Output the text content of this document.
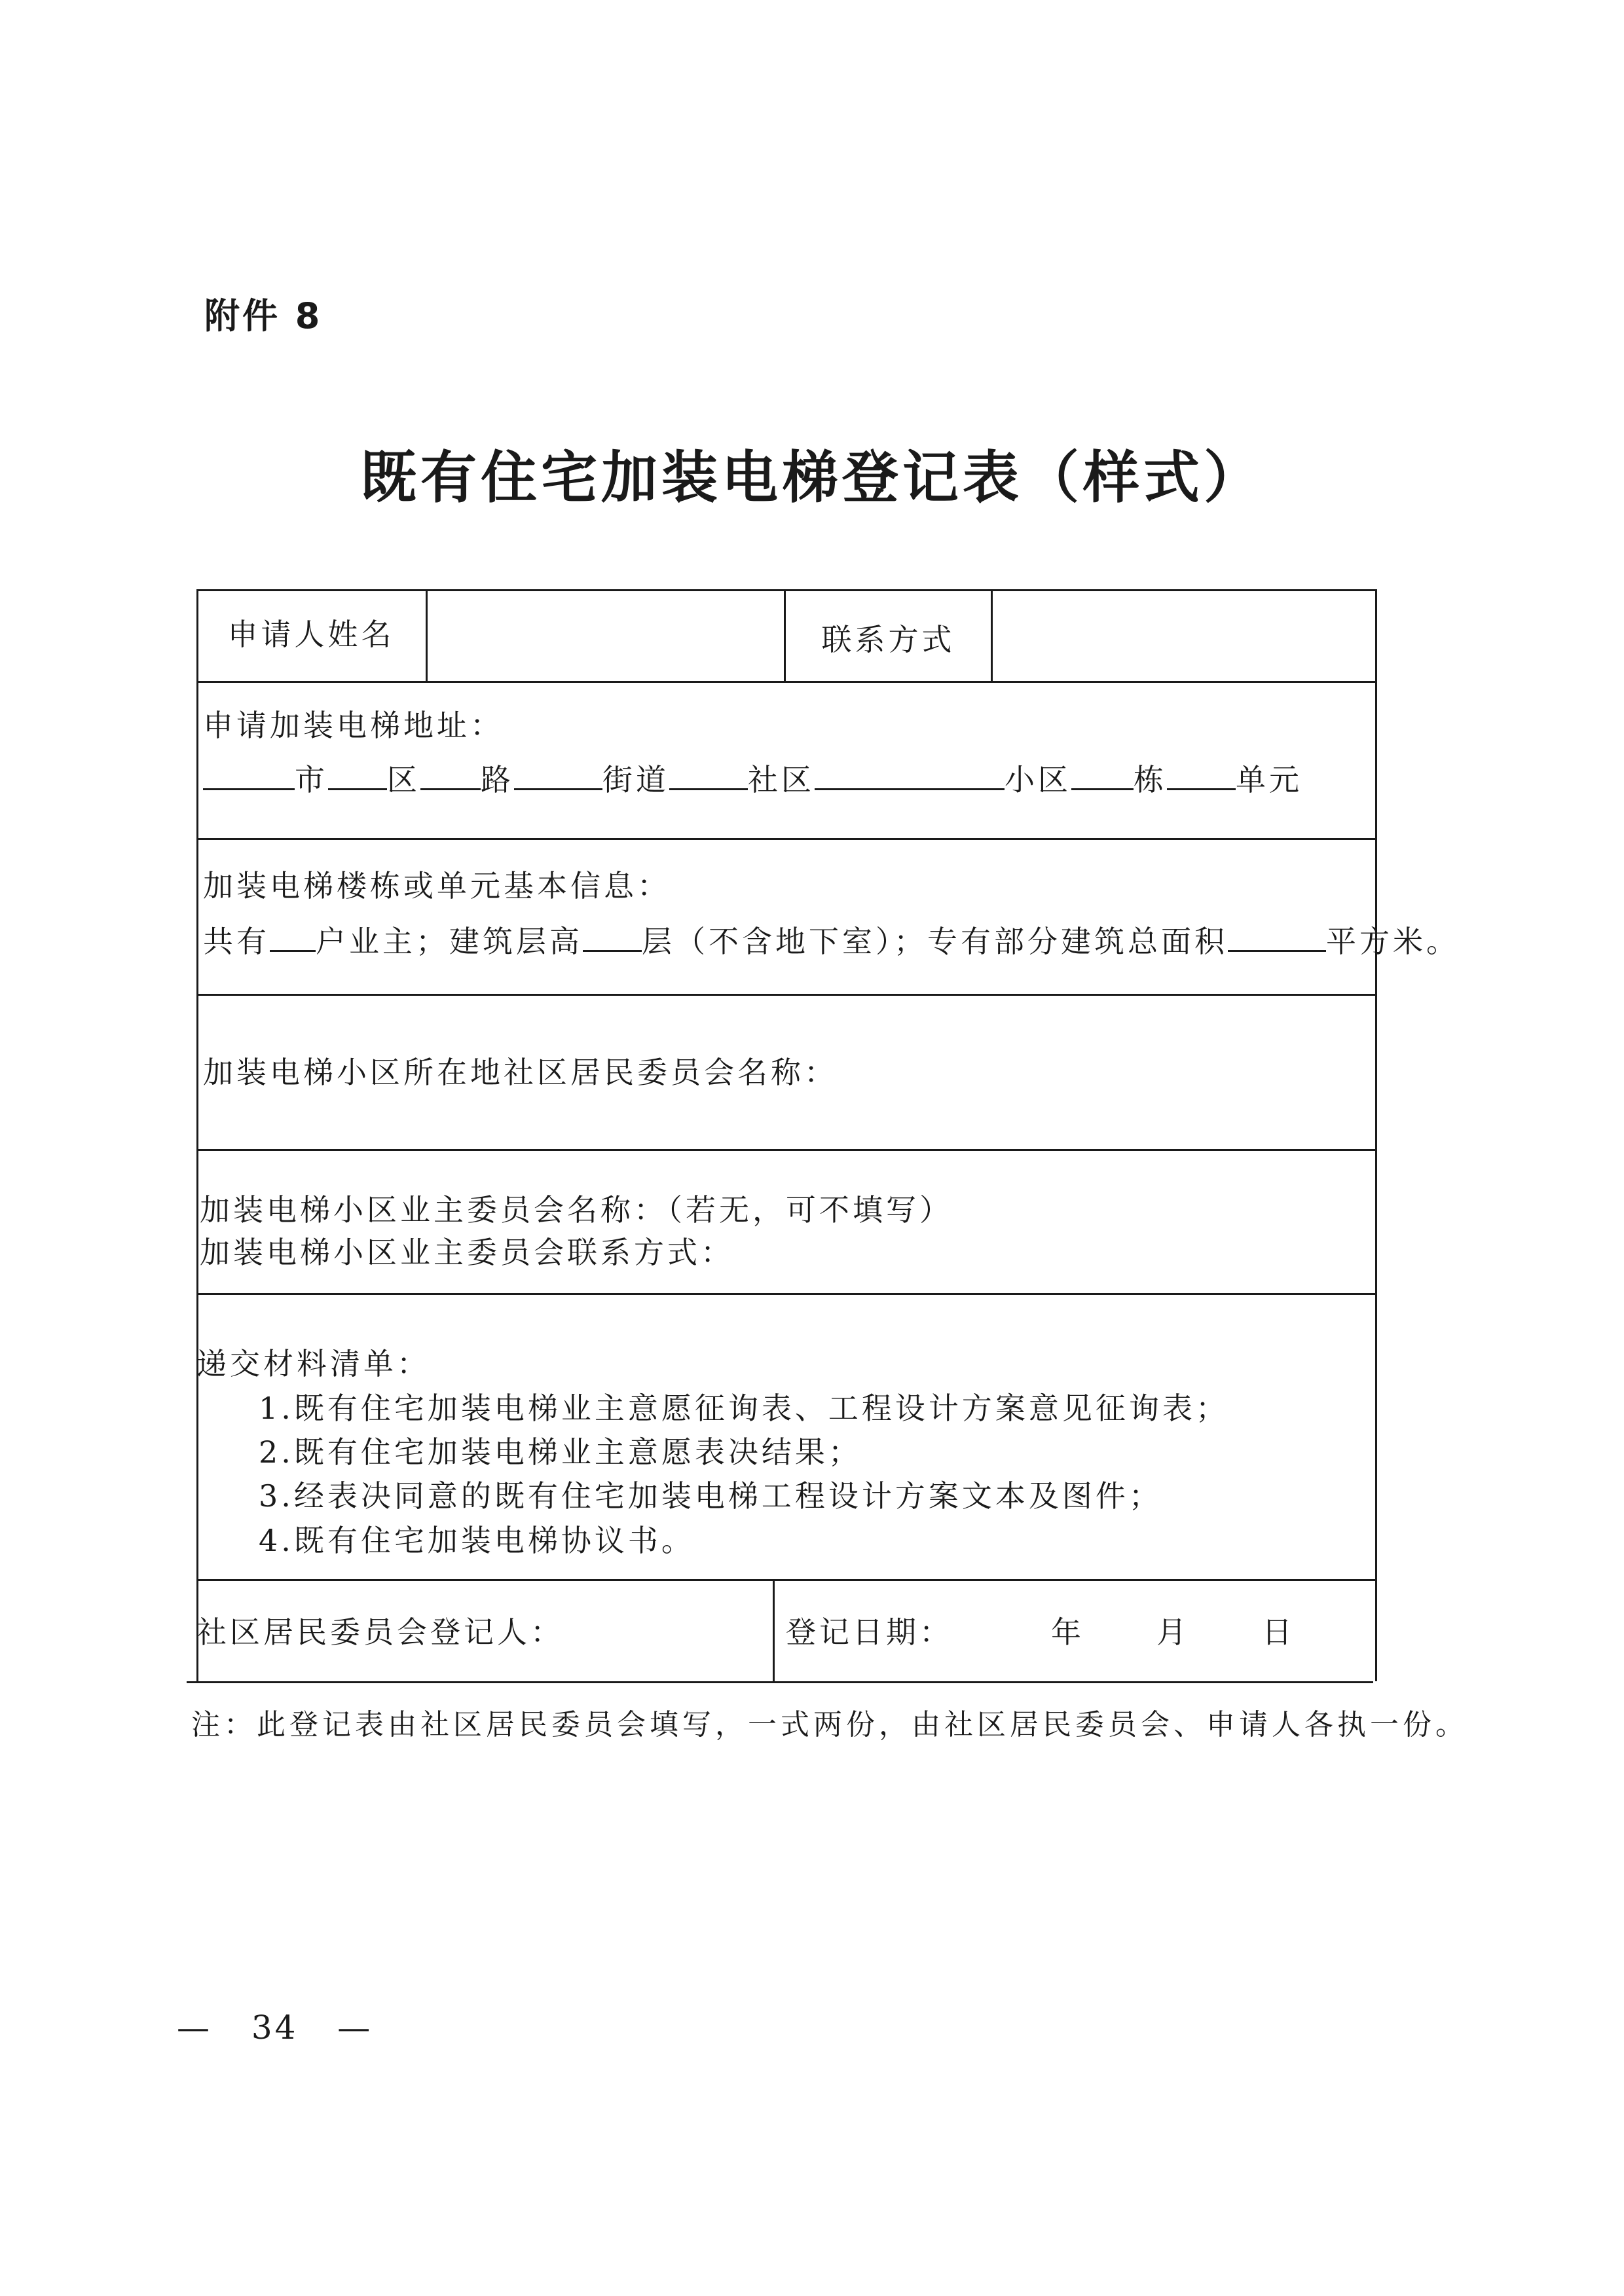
附件 8
既有住宅加装电梯登记表（样式）
申请人姓名	联系方式
申请加装电梯地址：
市 区 路	街道	社区	小区 栋 单元
加装电梯楼栋或单元基本信息：
共有 户业主；建筑层高 层（不含地下室）；专有部分建筑总面积	平方米。
加装电梯小区所在地社区居民委员会名称：
加装电梯小区业主委员会名称：（若无，可不填写）
加装电梯小区业主委员会联系方式：
递交材料清单：
1.既有住宅加装电梯业主意愿征询表、工程设计方案意见征询表；
2.既有住宅加装电梯业主意愿表决结果；
3.经表决同意的既有住宅加装电梯工程设计方案文本及图件；
4.既有住宅加装电梯协议书。
社区居民委员会登记人：	登记日期：	年 月 日
注：此登记表由社区居民委员会填写，一式两份，由社区居民委员会、申请人各执一份。
— 34 —
